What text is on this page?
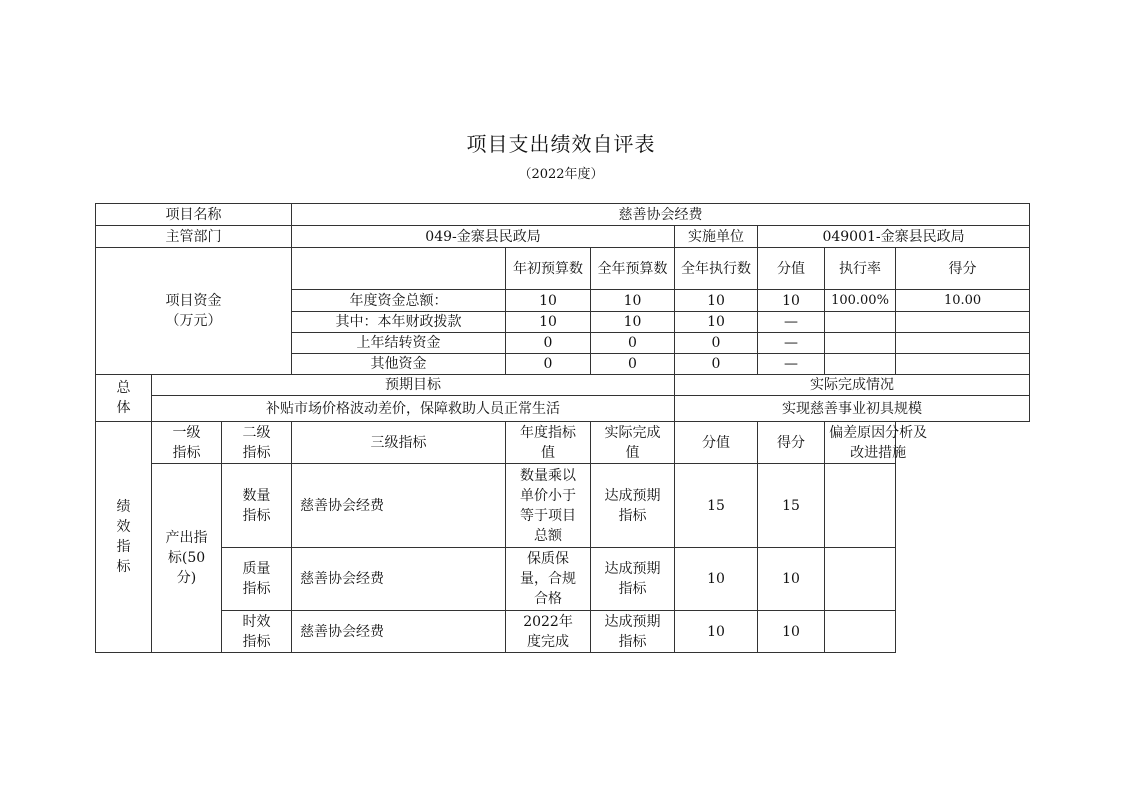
项目支出绩效自评表
（2022年度）
项目名称			慈善协会经费						
主管部门			049-金寨县民政局			实施单位	049001-金寨县民政局		
项目资金（万元）				年初预算数	全年预算数	全年执行数	分值	执行率	得分
			年度资金总额：	10	10	10	10	100.00%	10.00
			其中：本年财政拨款	10	10	10	—		
			上年结转资金	0	0	0	—		
			其他资金	0	0	0	—		
总体	预期目标					实际完成情况			
	补贴市场价格波动差价，保障救助人员正常生活					实现慈善事业初具规模			
绩效指标	一级指标	二级指标	三级指标	年度指标值	实际完成值	分值	得分	偏差原因分析及改进措施	
	产出指标(50分)	数量指标	慈善协会经费	数量乘以单价小于等于项目总额	达成预期指标	15	15		
		质量指标	慈善协会经费	保质保量，合规合格	达成预期指标	10	10		
		时效指标	慈善协会经费	2022年度完成	达成预期指标	10	10		
